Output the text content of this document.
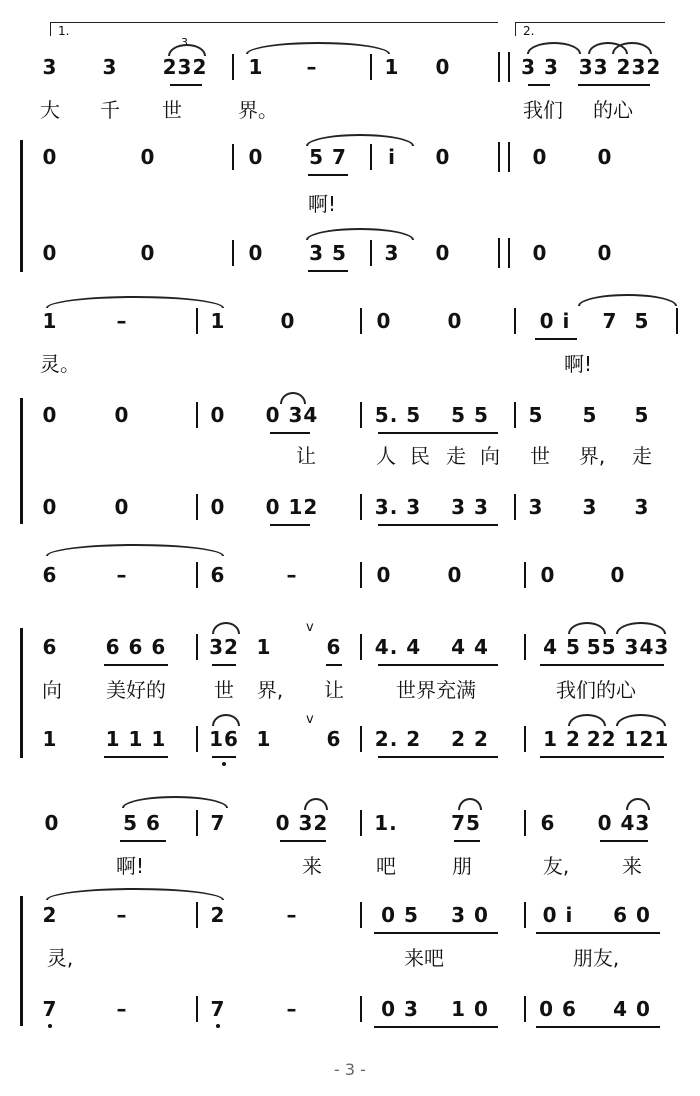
1.	2.
3 3 232 1 –	1 0	3 3 33 232
3
大 千 世	界。	我们 的心
0	0	0 5 7 i 0	0	0
啊!
0	0	0 3 5 3 0	0	0
1	–	1	0	0	0	0 i 7 5
灵。	啊!
0	0	0 0 34	5. 5 5 5 5 5 5
让	人 民 走 向 世 界, 走
0	0	0 0 12	3. 3 3 3 3 3 3
6	–	6	–	0	0	0	0
6 6 6 6 32 1	6 4. 4 4 4	4 5 55 343
v
向 美好的 世 界, 让	世界充满	我们的心
1 1 1 1 16 1	6 2. 2 2 2	1 2 22 121
v
0	5 6 7	0 32 1.	75	6 0 43
啊!	来	吧	朋	友,	来
2	–	2	–	0 5 3 0	0 i 6 0
灵,	来吧	朋友,
7	–	7	–	0 3 1 0	0 6 4 0
- 3 -
